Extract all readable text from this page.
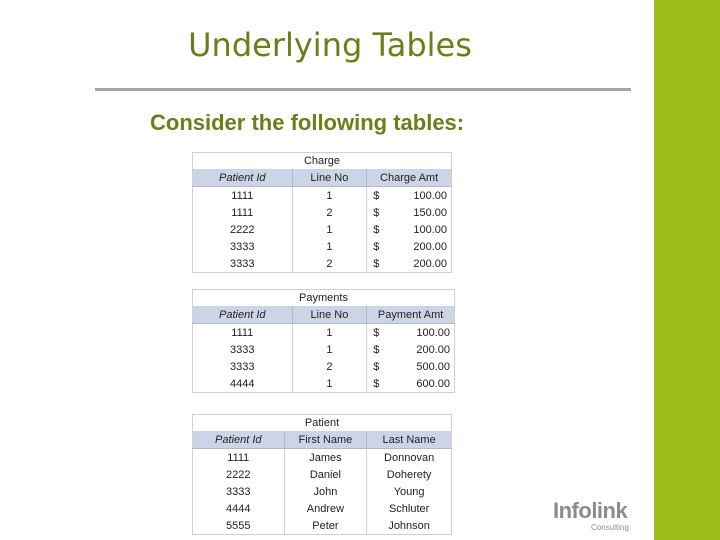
Underlying Tables
Consider the following tables:
Charge		
Patient Id	Line No	Charge Amt
1111	1	$ 100.00

1111	2	$ 150.00

2222	1	$ 100.00

3333	1	$ 200.00

3333	2	$ 200.00
Payments		
Patient Id	Line No	Payment Amt
1111	1	$ 100.00

3333	1	$ 200.00

3333	2	$ 500.00

4444	1	$ 600.00
Patient		
Patient Id	First Name	Last Name
1111	James	Donnovan
2222	Daniel	Doherety
3333	John	Young
4444	Andrew	Schluter
5555	Peter	Johnson
Infolink
Consulting
